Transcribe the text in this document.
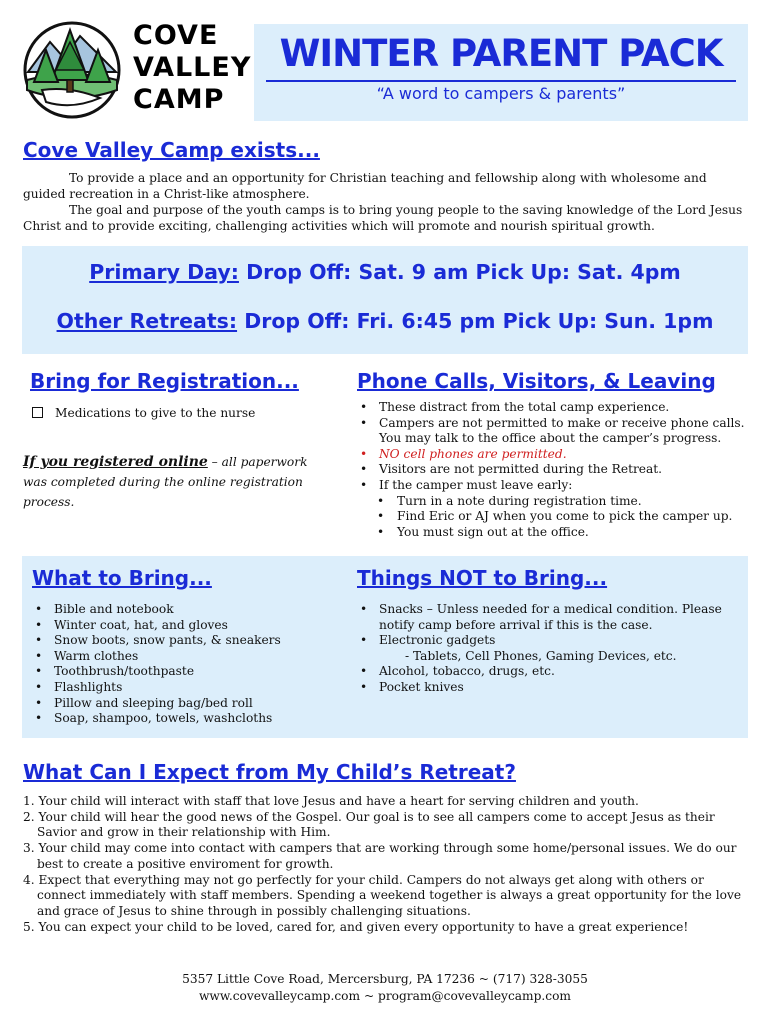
COVE
VALLEY
CAMP
WINTER PARENT PACK
“A word to campers & parents”
Cove Valley Camp exists...
To provide a place and an opportunity for Christian teaching and fellowship along with wholesome and guided recreation in a Christ-like atmosphere.
The goal and purpose of the youth camps is to bring young people to the saving knowledge of the Lord Jesus Christ and to provide exciting, challenging activities which will promote and nourish spiritual growth.
Primary Day: Drop Off: Sat. 9 am Pick Up: Sat. 4pm
Other Retreats: Drop Off: Fri. 6:45 pm Pick Up: Sun. 1pm
Bring for Registration...
Medications to give to the nurse
If you registered online – all paperwork was completed during the online registration process.
Phone Calls, Visitors, & Leaving
• These distract from the total camp experience.
• Campers are not permitted to make or receive phone calls.
You may talk to the office about the camper’s progress.
• NO cell phones are permitted.
• Visitors are not permitted during the Retreat.
• If the camper must leave early:
• Turn in a note during registration time.
• Find Eric or AJ when you come to pick the camper up.
• You must sign out at the office.
What to Bring...
• Bible and notebook
• Winter coat, hat, and gloves
• Snow boots, snow pants, & sneakers
• Warm clothes
• Toothbrush/toothpaste
• Flashlights
• Pillow and sleeping bag/bed roll
• Soap, shampoo, towels, washcloths
Things NOT to Bring...
• Snacks – Unless needed for a medical condition. Please notify camp before arrival if this is the case.
• Electronic gadgets
- Tablets, Cell Phones, Gaming Devices, etc.
• Alcohol, tobacco, drugs, etc.
• Pocket knives
What Can I Expect from My Child’s Retreat?
1. Your child will interact with staff that love Jesus and have a heart for serving children and youth.
2. Your child will hear the good news of the Gospel. Our goal is to see all campers come to accept Jesus as their Savior and grow in their relationship with Him.
3. Your child may come into contact with campers that are working through some home/personal issues. We do our best to create a positive enviroment for growth.
4. Expect that everything may not go perfectly for your child. Campers do not always get along with others or connect immediately with staff members. Spending a weekend together is always a great opportunity for the love and grace of Jesus to shine through in possibly challenging situations.
5. You can expect your child to be loved, cared for, and given every opportunity to have a great experience!
5357 Little Cove Road, Mercersburg, PA 17236 ~ (717) 328-3055
www.covevalleycamp.com ~ program@covevalleycamp.com
